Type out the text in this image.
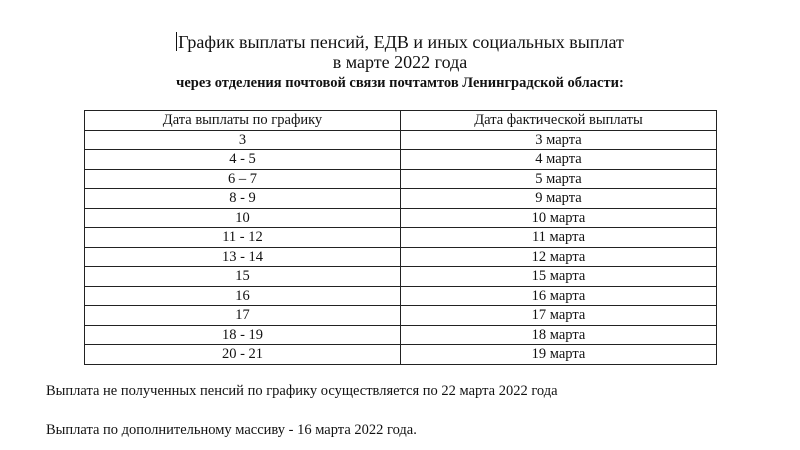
График выплаты пенсий, ЕДВ и иных социальных выплат
в марте 2022 года
через отделения почтовой связи почтамтов Ленинградской области:
Дата выплаты по графику	Дата фактической выплаты
3	3 марта
4 - 5	4 марта
6 – 7	5 марта
8 - 9	9 марта
10	10 марта
11 - 12	11 марта
13 - 14	12 марта
15	15 марта
16	16 марта
17	17 марта
18 - 19	18 марта
20 - 21	19 марта
Выплата не полученных пенсий по графику осуществляется по 22 марта 2022 года
Выплата по дополнительному массиву - 16 марта 2022 года.
